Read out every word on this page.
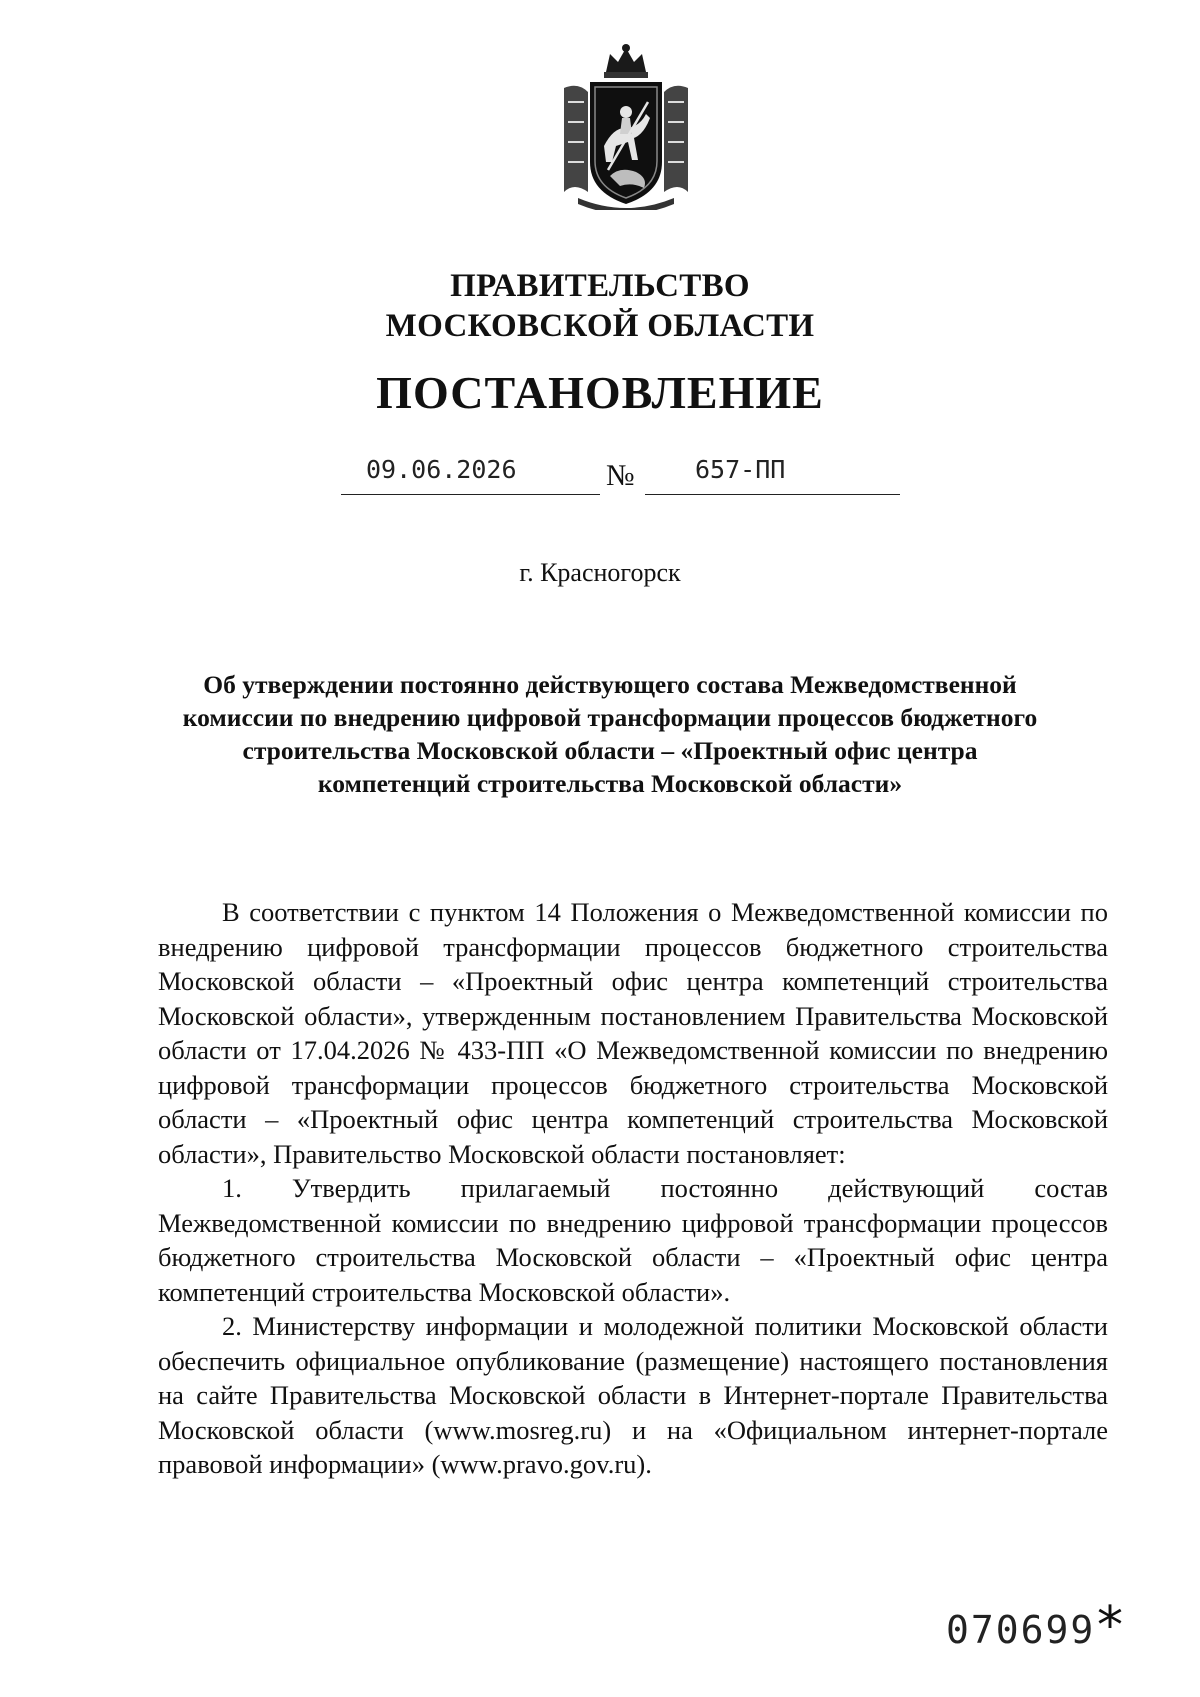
ПРАВИТЕЛЬСТВО
МОСКОВСКОЙ ОБЛАСТИ
ПОСТАНОВЛЕНИЕ
09.06.2026	№ 657-ПП
г. Красногорск
Об утверждении постоянно действующего состава Межведомственной комиссии по внедрению цифровой трансформации процессов бюджетного строительства Московской области – «Проектный офис центра компетенций строительства Московской области»

В соответствии с пунктом 14 Положения о Межведомственной комиссии по внедрению цифровой трансформации процессов бюджетного строительства Московской области – «Проектный офис центра компетенций строительства Московской области», утвержденным постановлением Правительства Московской области от 17.04.2026 № 433-ПП «О Межведомственной комиссии по внедрению цифровой трансформации процессов бюджетного строительства Московской области – «Проектный офис центра компетенций строительства Московской области», Правительство Московской области постановляет:

1. Утвердить прилагаемый постоянно действующий состав Межведомственной комиссии по внедрению цифровой трансформации процессов бюджетного строительства Московской области – «Проектный офис центра компетенций строительства Московской области».

2. Министерству информации и молодежной политики Московской области обеспечить официальное опубликование (размещение) настоящего постановления на сайте Правительства Московской области в Интернет-портале Правительства Московской области (www.mosreg.ru) и на «Официальном интернет-портале правовой информации» (www.pravo.gov.ru).

070699 *
